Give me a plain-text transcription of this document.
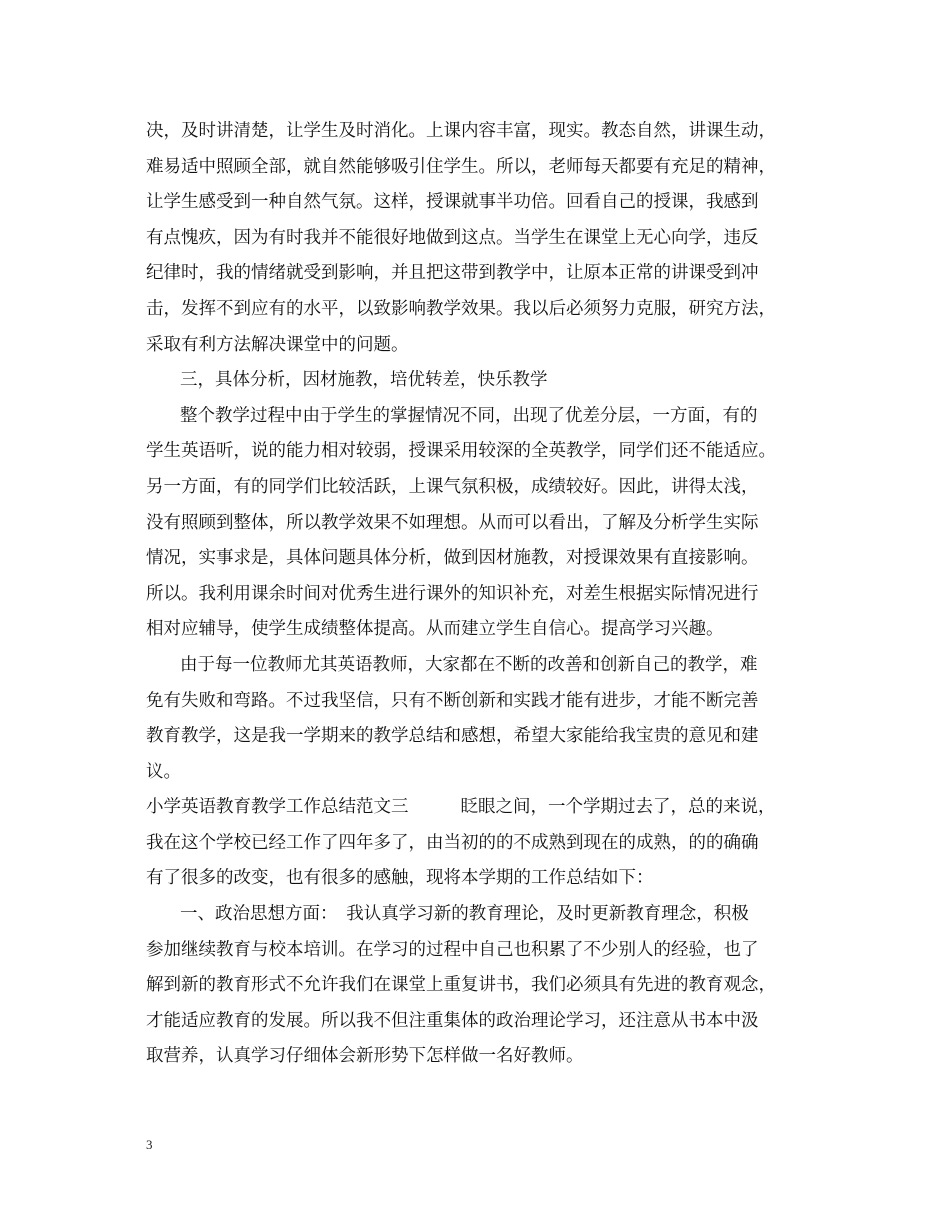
决，及时讲清楚，让学生及时消化。上课内容丰富，现实。教态自然，讲课生动，
难易适中照顾全部，就自然能够吸引住学生。所以，老师每天都要有充足的精神，
让学生感受到一种自然气氛。这样，授课就事半功倍。回看自己的授课，我感到
有点愧疚，因为有时我并不能很好地做到这点。当学生在课堂上无心向学，违反
纪律时，我的情绪就受到影响，并且把这带到教学中，让原本正常的讲课受到冲
击，发挥不到应有的水平，以致影响教学效果。我以后必须努力克服，研究方法，
采取有利方法解决课堂中的问题。
三，具体分析，因材施教，培优转差，快乐教学
整个教学过程中由于学生的掌握情况不同，出现了优差分层，一方面，有的
学生英语听，说的能力相对较弱，授课采用较深的全英教学，同学们还不能适应。
另一方面，有的同学们比较活跃，上课气氛积极，成绩较好。因此，讲得太浅，
没有照顾到整体，所以教学效果不如理想。从而可以看出，了解及分析学生实际
情况，实事求是，具体问题具体分析，做到因材施教，对授课效果有直接影响。
所以。我利用课余时间对优秀生进行课外的知识补充，对差生根据实际情况进行
相对应辅导，使学生成绩整体提高。从而建立学生自信心。提高学习兴趣。
由于每一位教师尤其英语教师，大家都在不断的改善和创新自己的教学，难
免有失败和弯路。不过我坚信，只有不断创新和实践才能有进步，才能不断完善
教育教学，这是我一学期来的教学总结和感想，希望大家能给我宝贵的意见和建
议。
小学英语教育教学工作总结范文三	眨眼之间，一个学期过去了，总的来说，
我在这个学校已经工作了四年多了，由当初的的不成熟到现在的成熟，的的确确
有了很多的改变，也有很多的感触，现将本学期的工作总结如下：
一、政治思想方面：　我认真学习新的教育理论，及时更新教育理念，积极
参加继续教育与校本培训。在学习的过程中自己也积累了不少别人的经验，也了
解到新的教育形式不允许我们在课堂上重复讲书，我们必须具有先进的教育观念，
才能适应教育的发展。所以我不但注重集体的政治理论学习，还注意从书本中汲
取营养，认真学习仔细体会新形势下怎样做一名好教师。
3
